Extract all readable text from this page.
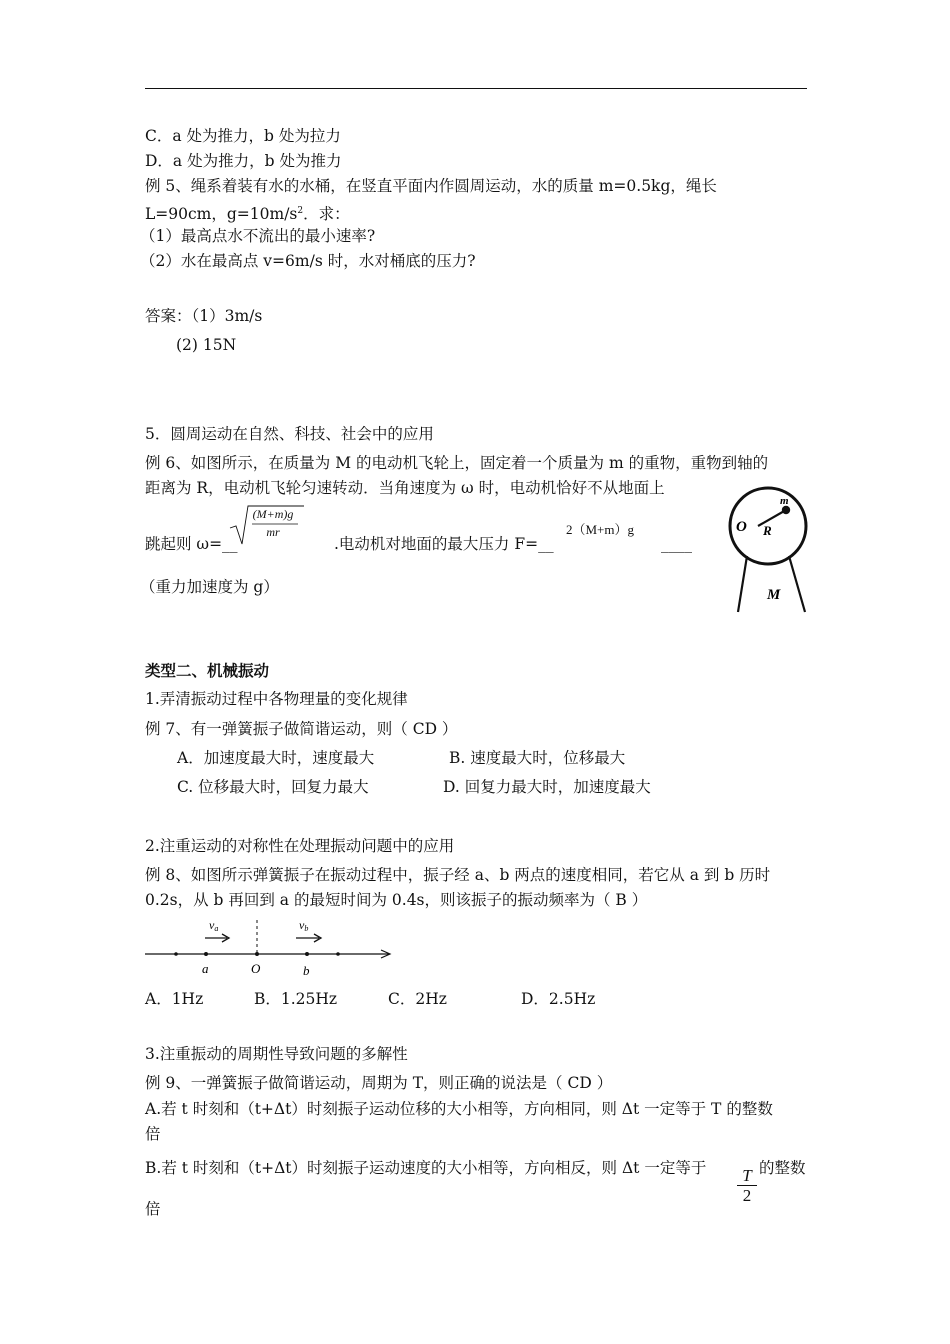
C．a 处为推力，b 处为拉力
D．a 处为推力，b 处为推力
例 5、绳系着装有水的水桶，在竖直平面内作圆周运动，水的质量 m=0.5kg，绳长
L=90cm，$g=10m/s^2$．求：
（1）最高点水不流出的最小速率?
（2）水在最高点 v=6m/s 时，水对桶底的压力?
答案：（1）3m/s
(2) 15N
5．圆周运动在自然、科技、社会中的应用
例 6、如图所示，在质量为 M 的电动机飞轮上，固定着一个质量为 m 的重物，重物到轴的
距离为 R，电动机飞轮匀速转动．当角速度为 ω 时，电动机恰好不从地面上
(M+m)g
mr
跳起则 ω=__	.电动机对地面的最大压力 F=__
2（M+m）g
____
（重力加速度为 g）
m
O R
M
类型二、机械振动
1.弄清振动过程中各物理量的变化规律
例 7、有一弹簧振子做简谐运动，则（ CD ）
A．加速度最大时，速度最大	B. 速度最大时，位移最大
C. 位移最大时，回复力最大	D. 回复力最大时，加速度最大
2.注重运动的对称性在处理振动问题中的应用
例 8、如图所示弹簧振子在振动过程中，振子经 a、b 两点的速度相同，若它从 a 到 b 历时
0.2s，从 b 再回到 a 的最短时间为 0.4s，则该振子的振动频率为（ B ）
va	vb
a	O	b
A．1Hz	B．1.25Hz	C．2Hz	D．2.5Hz
3.注重振动的周期性导致问题的多解性
例 9、一弹簧振子做简谐运动，周期为 T，则正确的说法是（ CD ）
A.若 t 时刻和（t+Δt）时刻振子运动位移的大小相等，方向相同，则 Δt 一定等于 T 的整数
倍
B.若 t 时刻和（t+Δt）时刻振子运动速度的大小相等，方向相反，则 Δt 一定等于	T
2
的整数
倍
